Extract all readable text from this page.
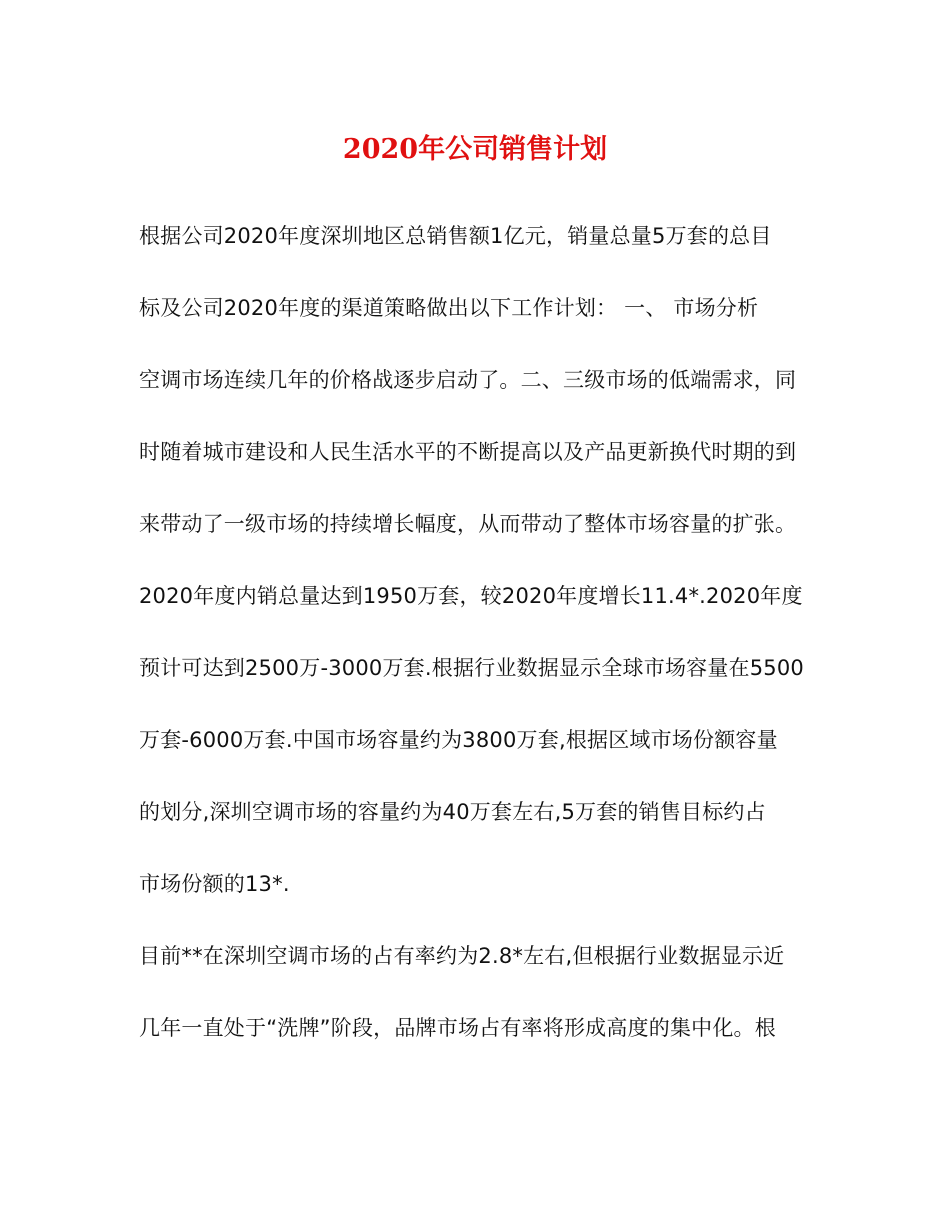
2020年公司销售计划
根据公司2020年度深圳地区总销售额1亿元，销量总量5万套的总目
标及公司2020年度的渠道策略做出以下工作计划： 一、 市场分析
空调市场连续几年的价格战逐步启动了。二、三级市场的低端需求，同
时随着城市建设和人民生活水平的不断提高以及产品更新换代时期的到
来带动了一级市场的持续增长幅度，从而带动了整体市场容量的扩张。
2020年度内销总量达到1950万套，较2020年度增长11.4*.2020年度
预计可达到2500万-3000万套.根据行业数据显示全球市场容量在5500
万套-6000万套.中国市场容量约为3800万套,根据区域市场份额容量
的划分,深圳空调市场的容量约为40万套左右,5万套的销售目标约占
市场份额的13*.
目前**在深圳空调市场的占有率约为2.8*左右,但根据行业数据显示近
几年一直处于“洗牌”阶段，品牌市场占有率将形成高度的集中化。根
